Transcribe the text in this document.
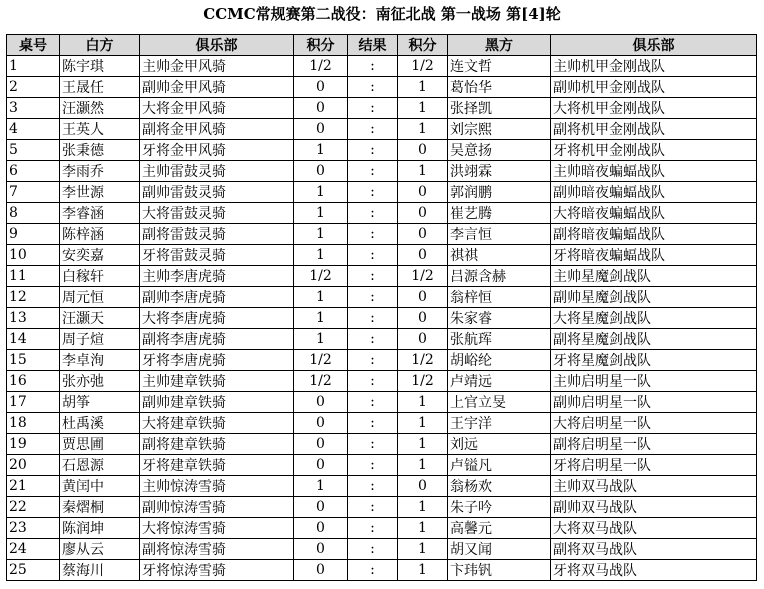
CCMC常规赛第二战役：南征北战 第一战场 第[4]轮
桌号	白方	俱乐部	积分	结果	积分	黑方	俱乐部
1	陈宇琪	主帅金甲风骑	1/2	:	1/2	连文哲	主帅机甲金刚战队
2	王晟任	副帅金甲风骑	0	:	1	葛怡华	副帅机甲金刚战队
3	汪灏然	大将金甲风骑	0	:	1	张择凯	大将机甲金刚战队
4	王英人	副将金甲风骑	0	:	1	刘宗熙	副将机甲金刚战队
5	张秉德	牙将金甲风骑	1	:	0	吴意扬	牙将机甲金刚战队
6	李雨乔	主帅雷鼓灵骑	0	:	1	洪翊霖	主帅暗夜蝙蝠战队
7	李世源	副帅雷鼓灵骑	1	:	0	郭润鹏	副帅暗夜蝙蝠战队
8	李睿涵	大将雷鼓灵骑	1	:	0	崔艺腾	大将暗夜蝙蝠战队
9	陈梓涵	副将雷鼓灵骑	1	:	0	李言恒	副将暗夜蝙蝠战队
10	安奕嘉	牙将雷鼓灵骑	1	:	0	祺祺	牙将暗夜蝙蝠战队
11	白稼轩	主帅李唐虎骑	1/2	:	1/2	吕源含赫	主帅星魔剑战队
12	周元恒	副帅李唐虎骑	1	:	0	翁梓恒	副帅星魔剑战队
13	汪灏天	大将李唐虎骑	1	:	0	朱家睿	大将星魔剑战队
14	周子煊	副将李唐虎骑	1	:	0	张航珲	副将星魔剑战队
15	李卓洵	牙将李唐虎骑	1/2	:	1/2	胡峪纶	牙将星魔剑战队
16	张亦弛	主帅建章铁骑	1/2	:	1/2	卢靖远	主帅启明星一队
17	胡筝	副帅建章铁骑	0	:	1	上官立旻	副帅启明星一队
18	杜禹溪	大将建章铁骑	0	:	1	王宇洋	大将启明星一队
19	贾思圃	副将建章铁骑	0	:	1	刘远	副将启明星一队
20	石恩源	牙将建章铁骑	0	:	1	卢镒凡	牙将启明星一队
21	黄闰中	主帅惊涛雪骑	1	:	0	翁杨欢	主帅双马战队
22	秦熠桐	副帅惊涛雪骑	0	:	1	朱子吟	副帅双马战队
23	陈润坤	大将惊涛雪骑	0	:	1	高馨元	大将双马战队
24	廖从云	副将惊涛雪骑	0	:	1	胡又闻	副将双马战队
25	蔡海川	牙将惊涛雪骑	0	:	1	卞玮钒	牙将双马战队
